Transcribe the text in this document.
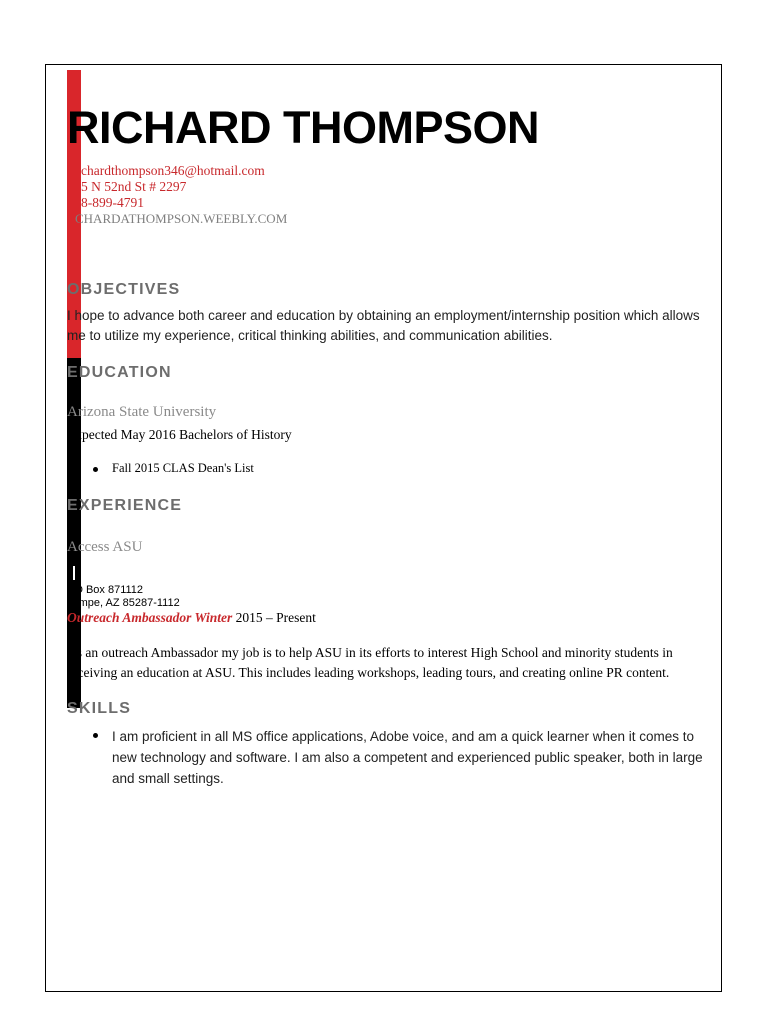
RICHARD THOMPSON
chardthompson346@hotmail.com
5 N 52nd St # 2297
8-899-4791
CHARDATHOMPSON.WEEBLY.COM
OBJECTIVES

I hope to advance both career and education by obtaining an employment/internship position which allows me to utilize my experience, critical thinking abilities, and communication abilities.

EDUCATION

Arizona State University

Expected May 2016 Bachelors of History

Fall 2015 CLAS Dean's List
EXPERIENCE

Access ASU

PO Box 871112
Tempe, AZ 85287-1112

Outreach Ambassador Winter 2015 – Present

As an outreach Ambassador my job is to help ASU in its efforts to interest High School and minority students in receiving an education at ASU. This includes leading workshops, leading tours, and creating online PR content.

SKILLS
I am proficient in all MS office applications, Adobe voice, and am a quick learner when it comes to new technology and software. I am also a competent and experienced public speaker, both in large and small settings.
